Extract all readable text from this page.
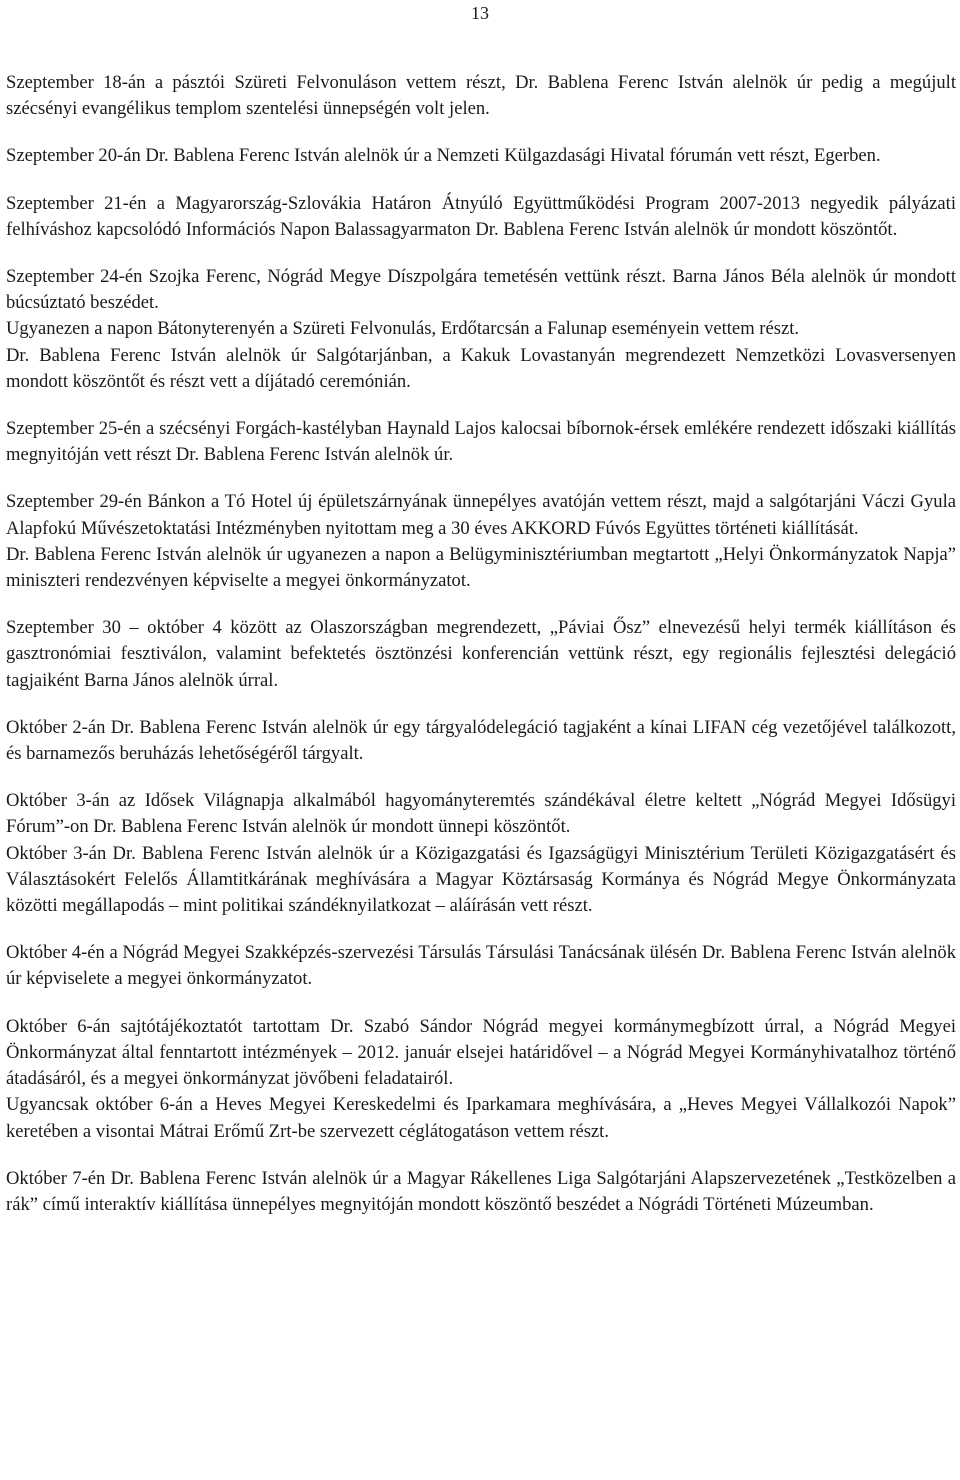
13

Szeptember 18-án a pásztói Szüreti Felvonuláson vettem részt, Dr. Bablena Ferenc István alelnök úr pedig a megújult szécsényi evangélikus templom szentelési ünnepségén volt jelen.

Szeptember 20-án Dr. Bablena Ferenc István alelnök úr a Nemzeti Külgazdasági Hivatal fórumán vett részt, Egerben.

Szeptember 21-én a Magyarország-Szlovákia Határon Átnyúló Együttműködési Program 2007-2013 negyedik pályázati felhíváshoz kapcsolódó Információs Napon Balassagyarmaton Dr. Bablena Ferenc István alelnök úr mondott köszöntőt.

Szeptember 24-én Szojka Ferenc, Nógrád Megye Díszpolgára temetésén vettünk részt. Barna János Béla alelnök úr mondott búcsúztató beszédet.

Ugyanezen a napon Bátonyterenyén a Szüreti Felvonulás, Erdőtarcsán a Falunap eseményein vettem részt.

Dr. Bablena Ferenc István alelnök úr Salgótarjánban, a Kakuk Lovastanyán megrendezett Nemzetközi Lovasversenyen mondott köszöntőt és részt vett a díjátadó ceremónián.

Szeptember 25-én a szécsényi Forgách-kastélyban Haynald Lajos kalocsai bíbornok-érsek emlékére rendezett időszaki kiállítás megnyitóján vett részt Dr. Bablena Ferenc István alelnök úr.

Szeptember 29-én Bánkon a Tó Hotel új épületszárnyának ünnepélyes avatóján vettem részt, majd a salgótarjáni Váczi Gyula Alapfokú Művészetoktatási Intézményben nyitottam meg a 30 éves AKKORD Fúvós Együttes történeti kiállítását.

Dr. Bablena Ferenc István alelnök úr ugyanezen a napon a Belügyminisztériumban megtartott „Helyi Önkormányzatok Napja” miniszteri rendezvényen képviselte a megyei önkormányzatot.

Szeptember 30 – október 4 között az Olaszországban megrendezett, „Páviai Ősz” elnevezésű helyi termék kiállításon és gasztronómiai fesztiválon, valamint befektetés ösztönzési konferencián vettünk részt, egy regionális fejlesztési delegáció tagjaiként Barna János alelnök úrral.

Október 2-án Dr. Bablena Ferenc István alelnök úr egy tárgyalódelegáció tagjaként a kínai LIFAN cég vezetőjével találkozott, és barnamezős beruházás lehetőségéről tárgyalt.

Október 3-án az Idősek Világnapja alkalmából hagyományteremtés szándékával életre keltett „Nógrád Megyei Idősügyi Fórum”-on Dr. Bablena Ferenc István alelnök úr mondott ünnepi köszöntőt.

Október 3-án Dr. Bablena Ferenc István alelnök úr a Közigazgatási és Igazságügyi Minisztérium Területi Közigazgatásért és Választásokért Felelős Államtitkárának meghívására a Magyar Köztársaság Kormánya és Nógrád Megye Önkormányzata közötti megállapodás – mint politikai szándéknyilatkozat – aláírásán vett részt.

Október 4-én a Nógrád Megyei Szakképzés-szervezési Társulás Társulási Tanácsának ülésén Dr. Bablena Ferenc István alelnök úr képviselete a megyei önkormányzatot.

Október 6-án sajtótájékoztatót tartottam Dr. Szabó Sándor Nógrád megyei kormánymegbízott úrral, a Nógrád Megyei Önkormányzat által fenntartott intézmények – 2012. január elsejei határidővel – a Nógrád Megyei Kormányhivatalhoz történő átadásáról, és a megyei önkormányzat jövőbeni feladatairól.

Ugyancsak október 6-án a Heves Megyei Kereskedelmi és Iparkamara meghívására, a „Heves Megyei Vállalkozói Napok” keretében a visontai Mátrai Erőmű Zrt-be szervezett céglátogatáson vettem részt.

Október 7-én Dr. Bablena Ferenc István alelnök úr a Magyar Rákellenes Liga Salgótarjáni Alapszervezetének „Testközelben a rák” című interaktív kiállítása ünnepélyes megnyitóján mondott köszöntő beszédet a Nógrádi Történeti Múzeumban.
